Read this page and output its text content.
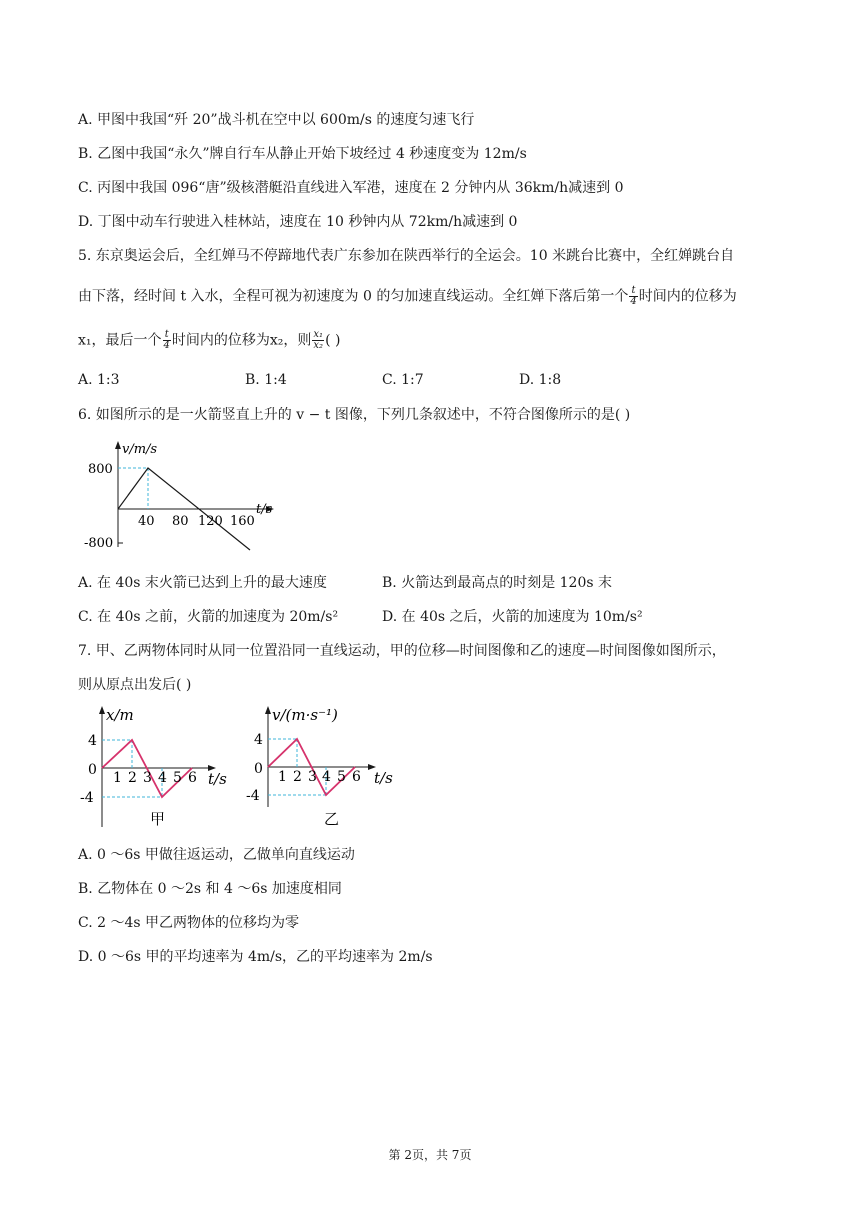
A. 甲图中我国“歼 20”战斗机在空中以 600m/s 的速度匀速飞行
B. 乙图中我国“永久”牌自行车从静止开始下坡经过 4 秒速度变为 12m/s
C. 丙图中我国 096“唐”级核潜艇沿直线进入军港，速度在 2 分钟内从 36km/h减速到 0
D. 丁图中动车行驶进入桂林站，速度在 10 秒钟内从 72km/h减速到 0
5. 东京奥运会后，全红婵马不停蹄地代表广东参加在陕西举行的全运会。10 米跳台比赛中，全红婵跳台自
由下落，经时间 t 入水，全程可视为初速度为 0 的匀加速直线运动。全红婵下落后第一个 $\frac{t}{4}$ 时间内的位移为
x₁，最后一个 $\frac{t}{4}$ 时间内的位移为x₂，则 $\frac{\text{x₁}}{\text{x₂}}$ ( )
A. 1:3	B. 1:4	C. 1:7	D. 1:8
6. 如图所示的是一火箭竖直上升的 v − t 图像，下列几条叙述中，不符合图像所示的是( )
v/m/s
800
-800
40 80 120 160
t/s
A. 在 40s 末火箭已达到上升的最大速度	B. 火箭达到最高点的时刻是 120s 末
C. 在 40s 之前，火箭的加速度为 20m/s²	D. 在 40s 之后，火箭的加速度为 10m/s²
7. 甲、乙两物体同时从同一位置沿同一直线运动，甲的位移—时间图像和乙的速度—时间图像如图所示，
则从原点出发后( )
x/m
4
0
-4
1 2 3 4 5 6 t/s
甲
v/(m·s⁻¹)
4
0
-4
1 2 3 4 5 6 t/s
乙
A. 0 ～6s 甲做往返运动，乙做单向直线运动
B. 乙物体在 0 ～2s 和 4 ～6s 加速度相同
C. 2 ～4s 甲乙两物体的位移均为零
D. 0 ～6s 甲的平均速率为 4m/s，乙的平均速率为 2m/s
第 2页，共 7页
